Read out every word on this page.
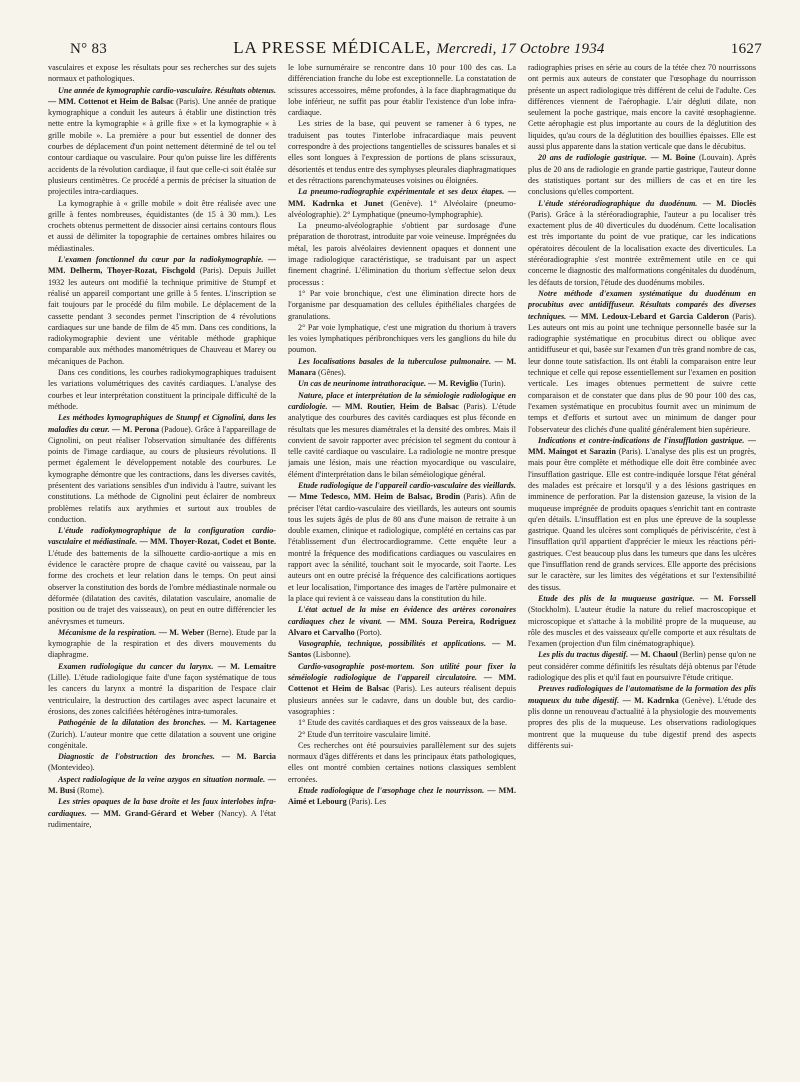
N° 83	LA PRESSE MÉDICALE, Mercredi, 17 Octobre 1934	1627

vasculaires et expose les résultats pour ses recherches sur des sujets normaux et pathologiques.

Une année de kymographie cardio-vasculaire. Résultats obtenus. — MM. Cottenot et Heim de Balsac (Paris). Une année de pratique kymographique a conduit les auteurs à établir une distinction très nette entre la kymographie « à grille fixe » et la kymographie « à grille mobile ». La première a pour but essentiel de donner des courbes de déplacement d'un point nettement déterminé de tel ou tel contour cardiaque ou vasculaire. Pour qu'on puisse lire les différents accidents de la révolution cardiaque, il faut que celle-ci soit étalée sur plusieurs centimètres. Ce procédé a permis de préciser la situation de projectiles intra-cardiaques.

La kymographie à « grille mobile » doit être réalisée avec une grille à fentes nombreuses, équidistantes (de 15 à 30 mm.). Les crochets obtenus permettent de dissocier ainsi certains contours flous et aussi de délimiter la topographie de certaines ombres hilaires ou médiastinales.

L'examen fonctionnel du cœur par la radiokymographie. — MM. Delherm, Thoyer-Rozat, Fischgold (Paris). Depuis Juillet 1932 les auteurs ont modifié la technique primitive de Stumpf et réalisé un appareil comportant une grille à 5 fentes. L'inscription se fait toujours par le procédé du film mobile. Le déplacement de la cassette pendant 3 secondes permet l'inscription de 4 révolutions cardiaques sur une bande de film de 45 mm. Dans ces conditions, la radiokymographie devient une véritable méthode graphique comparable aux méthodes manométriques de Chauveau et Marey ou mécaniques de Pachon.

Dans ces conditions, les courbes radiokymographiques traduisent les variations volumétriques des cavités cardiaques. L'analyse des courbes et leur interprétation constituent la principale difficulté de la méthode.

Les méthodes kymographiques de Stumpf et Cignolini, dans les maladies du cœur. — M. Perona (Padoue). Grâce à l'appareillage de Cignolini, on peut réaliser l'observation simultanée des différents points de l'image cardiaque, au cours de plusieurs révolutions. Il permet également le développement notable des courbures. Le kymographe démontre que les contractions, dans les diverses cavités, présentent des variations sensibles d'un individu à l'autre, suivant les constitutions. La méthode de Cignolini peut éclairer de nombreux problèmes relatifs aux arythmies et surtout aux troubles de conduction.

L'étude radiokymographique de la configuration cardio-vasculaire et médiastinale. — MM. Thoyer-Rozat, Codet et Bonte. L'étude des battements de la silhouette cardio-aortique a mis en évidence le caractère propre de chaque cavité ou vaisseau, par la forme des crochets et leur relation dans le temps. On peut ainsi observer la constitution des bords de l'ombre médiastinale normale ou déformée (dilatation des cavités, dilatation vasculaire, anomalie de position ou de trajet des vaisseaux), on peut en outre différencier les anévrysmes et tumeurs.

Mécanisme de la respiration. — M. Weber (Berne). Etude par la kymographie de la respiration et des divers mouvements du diaphragme.

Examen radiologique du cancer du larynx. — M. Lemaitre (Lille). L'étude radiologique faite d'une façon systématique de tous les cancers du larynx a montré la disparition de l'espace clair ventriculaire, la destruction des cartilages avec aspect lacunaire et érosions, des zones calcifiées hétérogènes intra-tumorales.

Pathogénie de la dilatation des bronches. — M. Kartagenee (Zurich). L'auteur montre que cette dilatation a souvent une origine congénitale.

Diagnostic de l'obstruction des bronches. — M. Barcia (Montevideo).

Aspect radiologique de la veine azygos en situation normale. — M. Busi (Rome).

Les stries opaques de la base droite et les faux interlobes infra-cardiaques. — MM. Grand-Gérard et Weber (Nancy). A l'état rudimentaire,

le lobe surnuméraire se rencontre dans 10 pour 100 des cas. La différenciation franche du lobe est exceptionnelle. La constatation de scissures accessoires, même profondes, à la face diaphragmatique du lobe inférieur, ne suffit pas pour établir l'existence d'un lobe infra-cardiaque.

Les stries de la base, qui peuvent se ramener à 6 types, ne traduisent pas toutes l'interlobe infracardiaque mais peuvent correspondre à des projections tangentielles de scissures banales et si elles sont longues à l'expression de portions de plans scissuraux, désorientés et tendus entre des symphyses pleurales diaphragmatiques et des rétractions parenchymateuses voisines ou éloignées.

La pneumo-radiographie expérimentale et ses deux étapes. — MM. Kadrnka et Junet (Genève). 1° Alvéolaire (pneumo-alvéolographie). 2° Lymphatique (pneumo-lymphographie).

La pneumo-alvéolographie s'obtient par surdosage d'une préparation de thorotrast, introduite par voie veineuse. Imprégnées du métal, les parois alvéolaires deviennent opaques et donnent une image radiologique caractéristique, se traduisant par un aspect finement chagriné. L'élimination du thorium s'effectue selon deux processus :

1° Par voie bronchique, c'est une élimination directe hors de l'organisme par desquamation des cellules épithéliales chargées de granulations.

2° Par voie lymphatique, c'est une migration du thorium à travers les voies lymphatiques péribronchiques vers les ganglions du hile du poumon.

Les localisations basales de la tuberculose pulmonaire. — M. Manara (Gênes).

Un cas de neurinome intrathoracique. — M. Reviglio (Turin).

Nature, place et interprétation de la sémiologie radiologique en cardiologie. — MM. Routier, Heim de Balsac (Paris). L'étude analytique des courbures des cavités cardiaques est plus féconde en résultats que les mesures diamétrales et la densité des ombres. Mais il convient de savoir rapporter avec précision tel segment du contour à telle cavité cardiaque ou vasculaire. La radiologie ne montre presque jamais une lésion, mais une réaction myocardique ou vasculaire, élément d'interprétation dans le bilan séméiologique général.

Etude radiologique de l'appareil cardio-vasculaire des vieillards. — Mme Tedesco, MM. Heim de Balsac, Brodin (Paris). Afin de préciser l'état cardio-vasculaire des vieillards, les auteurs ont soumis tous les sujets âgés de plus de 80 ans d'une maison de retraite à un double examen, clinique et radiologique, complété en certains cas par l'établissement d'un électrocardiogramme. Cette enquête leur a montré la fréquence des modifications cardiaques ou vasculaires en rapport avec la sénilité, touchant soit le myocarde, soit l'aorte. Les auteurs ont en outre précisé la fréquence des calcifications aortiques et leur localisation, l'importance des images de l'artère pulmonaire et la place qui revient à ce vaisseau dans la constitution du hile.

L'état actuel de la mise en évidence des artères coronaires cardiaques chez le vivant. — MM. Souza Pereira, Rodriguez Alvaro et Carvalho (Porto).

Vasographie, technique, possibilités et applications. — M. Santos (Lisbonne).

Cardio-vasographie post-mortem. Son utilité pour fixer la séméiologie radiologique de l'appareil circulatoire. — MM. Cottenot et Heim de Balsac (Paris). Les auteurs réalisent depuis plusieurs années sur le cadavre, dans un double but, des cardio-vasographies :

1° Etude des cavités cardiaques et des gros vaisseaux de la base.

2° Etude d'un territoire vasculaire limité.

Ces recherches ont été poursuivies parallèlement sur des sujets normaux d'âges différents et dans les principaux états pathologiques, elles ont montré combien certaines notions classiques semblent erronées.

Etude radiologique de l'œsophage chez le nourrisson. — MM. Aimé et Lebourg (Paris). Les

radiographies prises en série au cours de la tétée chez 70 nourrissons ont permis aux auteurs de constater que l'œsophage du nourrisson présente un aspect radiologique très différent de celui de l'adulte. Ces différences viennent de l'aérophagie. L'air dégluti dilate, non seulement la poche gastrique, mais encore la cavité œsophagienne. Cette aérophagie est plus importante au cours de la déglutition des liquides, qu'au cours de la déglutition des bouillies épaisses. Elle est aussi plus apparente dans la station verticale que dans le décubitus.

20 ans de radiologie gastrique. — M. Boine (Louvain). Après plus de 20 ans de radiologie en grande partie gastrique, l'auteur donne des statistiques portant sur des milliers de cas et en tire les conclusions qu'elles comportent.

L'étude stéréoradiographique du duodénum. — M. Dioclès (Paris). Grâce à la stéréoradiographie, l'auteur a pu localiser très exactement plus de 40 diverticules du duodénum. Cette localisation est très importante du point de vue pratique, car les indications opératoires découlent de la localisation exacte des diverticules. La stéréoradiographie s'est montrée extrêmement utile en ce qui concerne le diagnostic des malformations congénitales du duodénum, les défauts de torsion, l'étude des duodénums mobiles.

Notre méthode d'examen systématique du duodénum en procubitus avec antidiffuseur. Résultats comparés des diverses techniques. — MM. Ledoux-Lebard et Garcia Calderon (Paris). Les auteurs ont mis au point une technique personnelle basée sur la radiographie systématique en procubitus direct ou oblique avec antidiffuseur et qui, basée sur l'examen d'un très grand nombre de cas, leur donne toute satisfaction. Ils ont établi la comparaison entre leur technique et celle qui repose essentiellement sur l'examen en position verticale. Les images obtenues permettent de suivre cette comparaison et de constater que dans plus de 90 pour 100 des cas, l'examen systématique en procubitus fournit avec un minimum de temps et d'efforts et surtout avec un minimum de danger pour l'observateur des clichés d'une qualité généralement bien supérieure.

Indications et contre-indications de l'insufflation gastrique. — MM. Maingot et Sarazin (Paris). L'analyse des plis est un progrès, mais pour être complète et méthodique elle doit être combinée avec l'insufflation gastrique. Elle est contre-indiquée lorsque l'état général des malades est précaire et lorsqu'il y a des lésions gastriques en imminence de perforation. Par la distension gazeuse, la vision de la muqueuse imprégnée de produits opaques s'enrichit tant en contraste qu'en détails. L'insufflation est en plus une épreuve de la souplesse gastrique. Quand les ulcères sont compliqués de périviscérite, c'est à l'insufflation qu'il appartient d'apprécier le mieux les réactions péri-gastriques. C'est beaucoup plus dans les tumeurs que dans les ulcères que l'insufflation rend de grands services. Elle apporte des précisions sur le caractère, sur les limites des végétations et sur l'extensibilité des tissus.

Etude des plis de la muqueuse gastrique. — M. Forssell (Stockholm). L'auteur étudie la nature du relief macroscopique et microscopique et s'attache à la mobilité propre de la muqueuse, au rôle des muscles et des vaisseaux qu'elle comporte et aux résultats de l'examen (projection d'un film cinématographique).

Les plis du tractus digestif. — M. Chaoul (Berlin) pense qu'on ne peut considérer comme définitifs les résultats déjà obtenus par l'étude radiologique des plis et qu'il faut en poursuivre l'étude critique.

Preuves radiologiques de l'automatisme de la formation des plis muqueux du tube digestif. — M. Kadrnka (Genève). L'étude des plis donne un renouveau d'actualité à la physiologie des mouvements propres des plis de la muqueuse. Les observations radiologiques montrent que la muqueuse du tube digestif prend des aspects différents sui-
